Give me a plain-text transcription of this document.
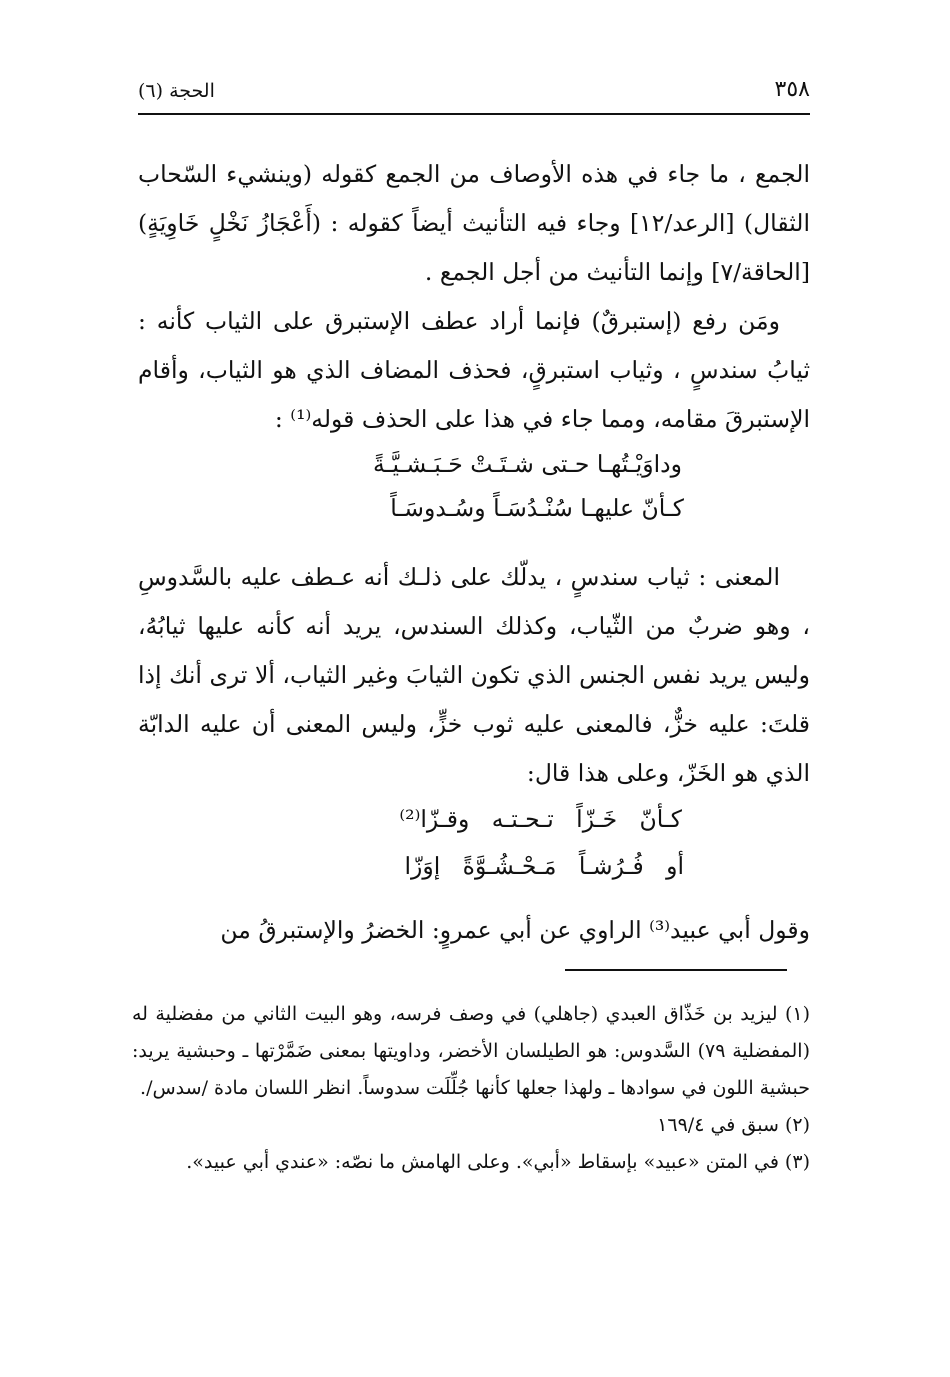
٣٥٨
الحجة (٦)

الجمع ، ما جاء في هذه الأوصاف من الجمع كقوله (وينشيء السّحاب الثقال) [الرعد/١٢] وجاء فيه التأنيث أيضاً كقوله : (أَعْجَازُ نَخْلٍ خَاوِيَةٍ) [الحاقة/٧] وإنما التأنيث من أجل الجمع .

ومَن رفع (إستبرقٌ) فإنما أراد عطف الإستبرق على الثياب كأنه : ثيابُ سندسٍ ، وثياب استبرقٍ، فحذف المضاف الذي هو الثياب، وأقام الإستبرقَ مقامه، ومما جاء في هذا على الحذف قوله⁽¹⁾ :

وداوَيْـتُهـا حـتى شـتَـتْ حَـبَـشـيَّـةً
كـأنّ عليهـا سُنْـدُسَـاً وسُـدوسَـاً

المعنى : ثياب سندسٍ ، يدلّك على ذلـك أنه عـطف عليه بالسَّدوسِ ، وهو ضربٌ من الثّياب، وكذلك السندس، يريد أنه كأنه عليها ثيابُهُ، وليس يريد نفس الجنس الذي تكون الثيابَ وغير الثياب، ألا ترى أنك إذا قلتَ: عليه خزٌّ، فالمعنى عليه ثوب خزٍّ، وليس المعنى أن عليه الدابّة الذي هو الخَزّ، وعلى هذا قال:

كـأنّ   خَـزّاً   تـحـتـه   وقـزّا⁽²⁾
أو   فُـرُشـاً   مَـحْـشُـوَّةً   إوَزّا

وقول أبي عبيد⁽³⁾ الراوي عن أبي عمروٍ: الخضرُ والإستبرقُ من

(١) ليزيد بن خَذّاق العبدي (جاهلي) في وصف فرسه، وهو البيت الثاني من مفضلية له (المفضلية ٧٩) السَّدوس: هو الطيلسان الأخضر، وداويتها بمعنى ضَمَّرْتها ـ وحبشية يريد: حبشية اللون في سوادها ـ ولهذا جعلها كأنها جُلِّلَت سدوساً. انظر اللسان مادة /سدس/.

(٢) سبق في ١٦٩/٤

(٣) في المتن «عبيد» بإسقاط «أبي». وعلى الهامش ما نصّه: «عندي أبي عبيد».
